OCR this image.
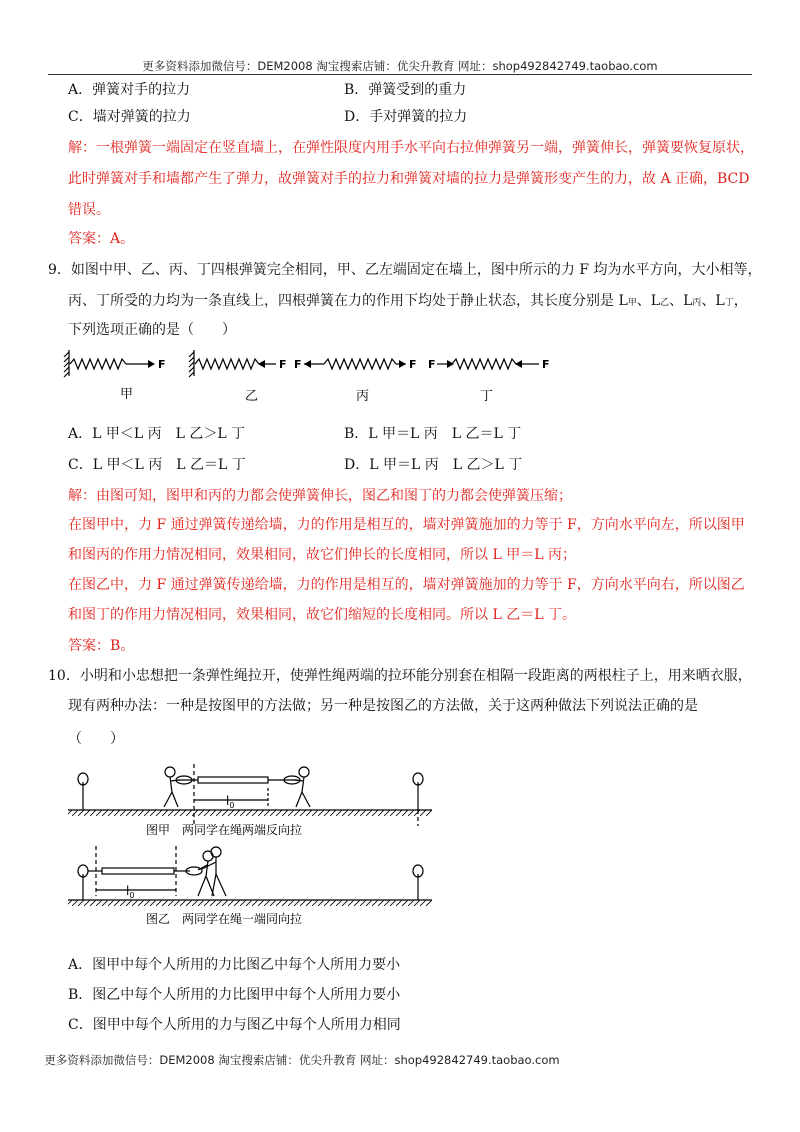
更多资料添加微信号：DEM2008 淘宝搜索店铺：优尖升教育 网址：shop492842749.taobao.com
A．弹簧对手的拉力	B．弹簧受到的重力
C．墙对弹簧的拉力	D．手对弹簧的拉力
解：一根弹簧一端固定在竖直墙上，在弹性限度内用手水平向右拉伸弹簧另一端，弹簧伸长，弹簧要恢复原状，
此时弹簧对手和墙都产生了弹力，故弹簧对手的拉力和弹簧对墙的拉力是弹簧形变产生的力，故 A 正确，BCD
错误。
答案：A。
9．如图中甲、乙、丙、丁四根弹簧完全相同，甲、乙左端固定在墙上，图中所示的力 F 均为水平方向，大小相等，
丙、丁所受的力均为一条直线上，四根弹簧在力的作用下均处于静止状态，其长度分别是 L甲、L乙、L丙、L丁，
下列选项正确的是（　　）
F	F F	F F	F
甲	乙	丙	丁
A．L 甲＜L 丙　L 乙＞L 丁	B．L 甲＝L 丙　L 乙＝L 丁
C．L 甲＜L 丙　L 乙＝L 丁	D．L 甲＝L 丙　L 乙＞L 丁
解：由图可知，图甲和丙的力都会使弹簧伸长，图乙和图丁的力都会使弹簧压缩；
在图甲中，力 F 通过弹簧传递给墙，力的作用是相互的，墙对弹簧施加的力等于 F，方向水平向左，所以图甲
和图丙的作用力情况相同，效果相同，故它们伸长的长度相同，所以 L 甲＝L 丙；
在图乙中，力 F 通过弹簧传递给墙，力的作用是相互的，墙对弹簧施加的力等于 F，方向水平向右，所以图乙
和图丁的作用力情况相同，效果相同，故它们缩短的长度相同。所以 L 乙＝L 丁。
答案：B。
10．小明和小忠想把一条弹性绳拉开，使弹性绳两端的拉环能分别套在相隔一段距离的两根柱子上，用来晒衣服，
现有两种办法：一种是按图甲的方法做；另一种是按图乙的方法做，关于这两种做法下列说法正确的是
（　　）
$l_0$
$l_0$
图甲　两同学在绳两端反向拉
图乙　两同学在绳一端同向拉
A．图甲中每个人所用的力比图乙中每个人所用力要小
B．图乙中每个人所用的力比图甲中每个人所用力要小
C．图甲中每个人所用的力与图乙中每个人所用力相同
更多资料添加微信号：DEM2008 淘宝搜索店铺：优尖升教育 网址：shop492842749.taobao.com
